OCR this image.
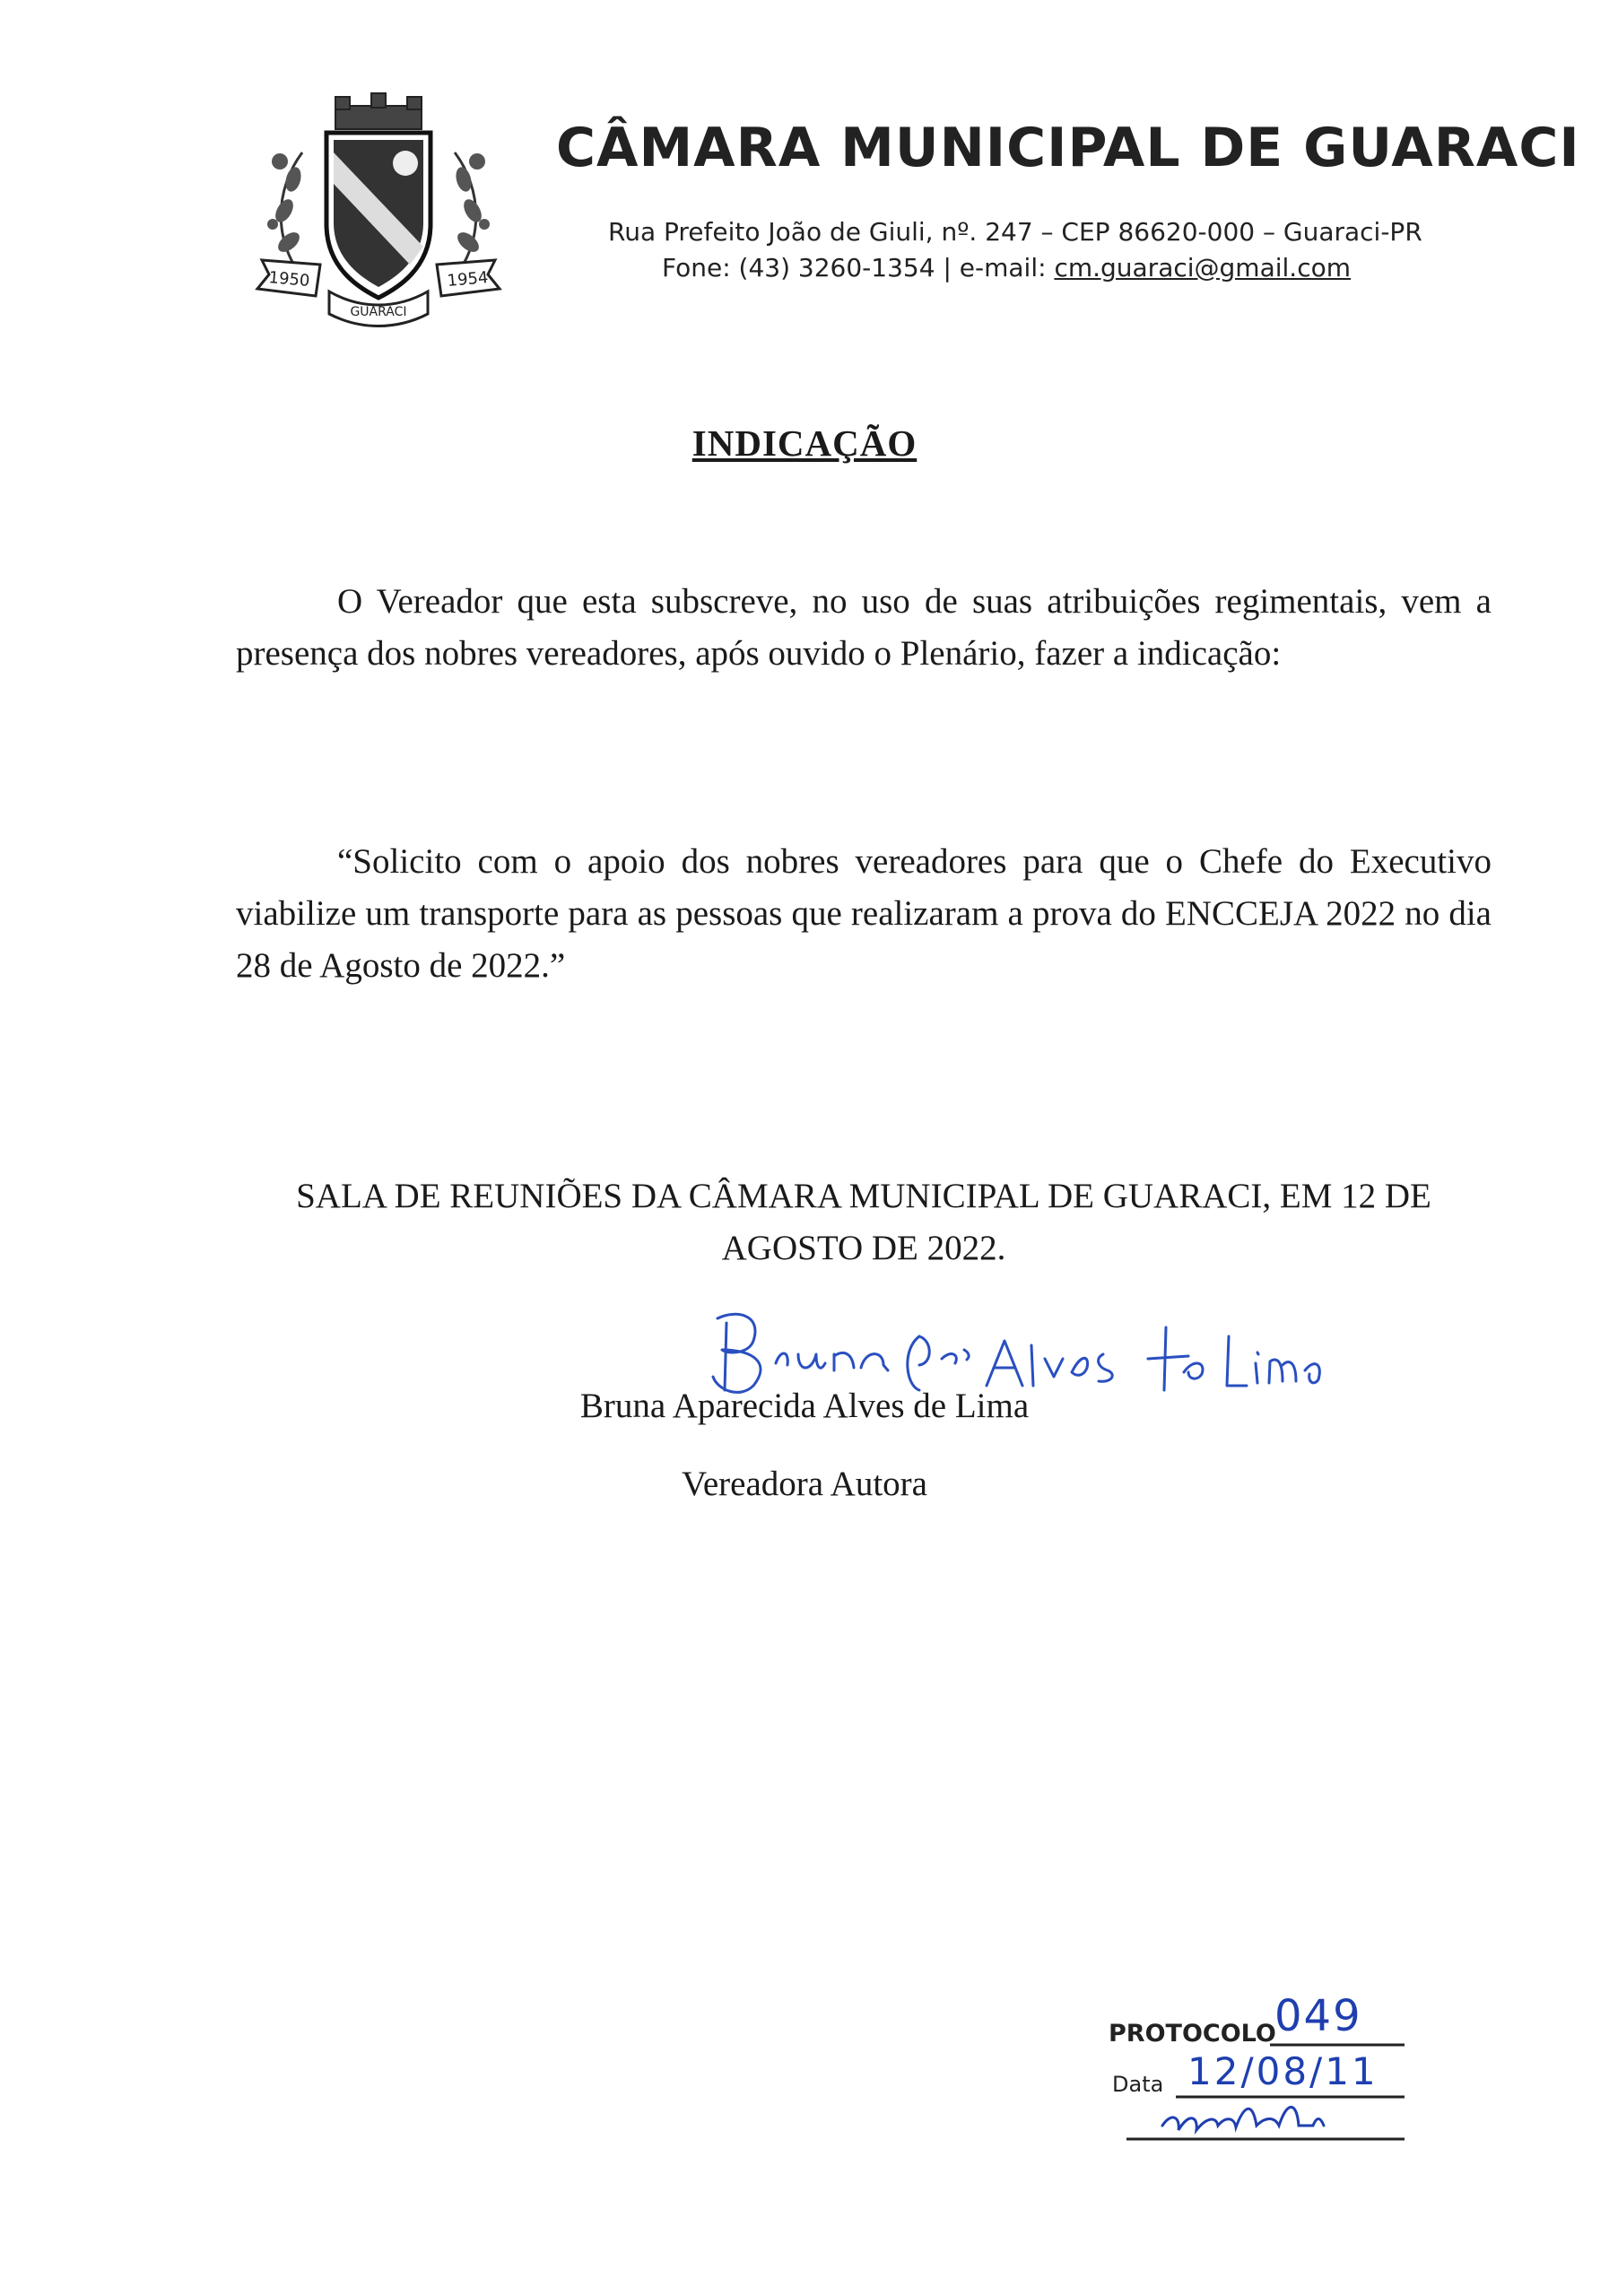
1950	1954
GUARACI
CÂMARA MUNICIPAL DE GUARACI
Rua Prefeito João de Giuli, nº. 247 – CEP 86620-000 – Guaraci-PR
Fone: (43) 3260-1354 | e-mail: cm.guaraci@gmail.com
INDICAÇÃO

O Vereador que esta subscreve, no uso de suas atribuições regimentais, vem a presença dos nobres vereadores, após ouvido o Plenário, fazer a indicação:

“Solicito com o apoio dos nobres vereadores para que o Chefe do Executivo viabilize um transporte para as pessoas que realizaram a prova do ENCCEJA 2022 no dia 28 de Agosto de 2022.”

SALA DE REUNIÕES DA CÂMARA MUNICIPAL DE GUARACI, EM 12 DE AGOSTO DE 2022.
Bruna Aparecida Alves de Lima
Vereadora Autora
PROTOCOLO
049
Data 12/08/11
